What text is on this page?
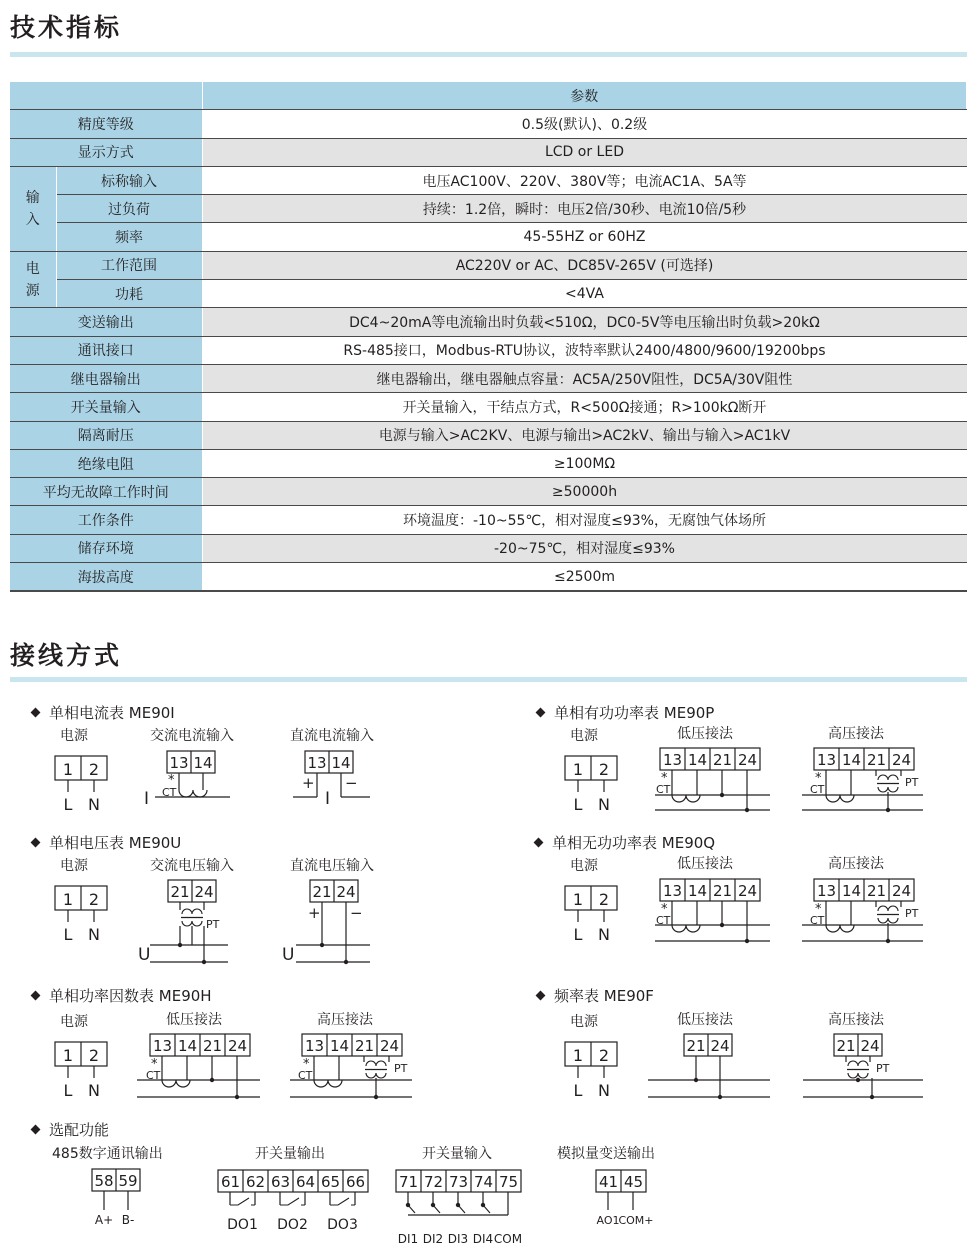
技术指标
		参数
精度等级		0.5级(默认)、0.2级
显示方式		LCD or LED
输入	标称输入	电压AC100V、220V、380V等；电流AC1A、5A等
	过负荷	持续：1.2倍，瞬时：电压2倍/30秒、电流10倍/5秒
	频率	45-55HZ or 60HZ
电源	工作范围	AC220V or AC、DC85V-265V (可选择)
	功耗	<4VA
变送输出		DC4~20mA等电流输出时负载<510Ω，DC0-5V等电压输出时负载>20kΩ
通讯接口		RS-485接口，Modbus-RTU协议，波特率默认2400/4800/9600/19200bps
继电器输出		继电器输出，继电器触点容量：AC5A/250V阻性，DC5A/30V阻性
开关量输入		开关量输入，干结点方式，R<500Ω接通；R>100kΩ断开
隔离耐压		电源与输入>AC2KV、电源与输出>AC2kV、输出与输入>AC1kV
绝缘电阻		≥100MΩ
平均无故障工作时间		≥50000h
工作条件		环境温度：-10~55℃，相对湿度≤93%，无腐蚀气体场所
储存环境		-20~75℃，相对湿度≤93%
海拔高度		≤2500m
接线方式
单相电流表 ME90I	单相有功功率表 ME90P
单相电压表 ME90U	单相无功功率表 ME90Q
单相功率因数表 ME90H	频率表 ME90F
选配功能
电源
1 2
L N
交流电流输入
13 14
*
CT
I
直流电流输入
13 14
+ −
I
电源
1 2
L N
低压接法
13 14 21 24
*
CT
高压接法
13 14 21 24
*
CT
PT
电源
1 2
L N
交流电压输入
21 24
PT
U
直流电压输入
21 24
+ −
U
电源
1 2
L N
低压接法
13 14 21 24
*
CT
高压接法
13 14 21 24
*
CT
PT
电源
1 2
L N
低压接法
13 14 21 24
*
CT
高压接法
13 14 21 24
*
CT
PT
电源
1 2
L N
低压接法
21 24
高压接法
21 24
PT
485数字通讯输出
58 59
A+ B-
开关量输出
61 62 63 64 65 66
DO1 DO2 DO3
开关量输入
71 72 73 74 75
DI1 DI2 DI3 DI4 COM
模拟量变送输出
41 45
AO1
COM+
